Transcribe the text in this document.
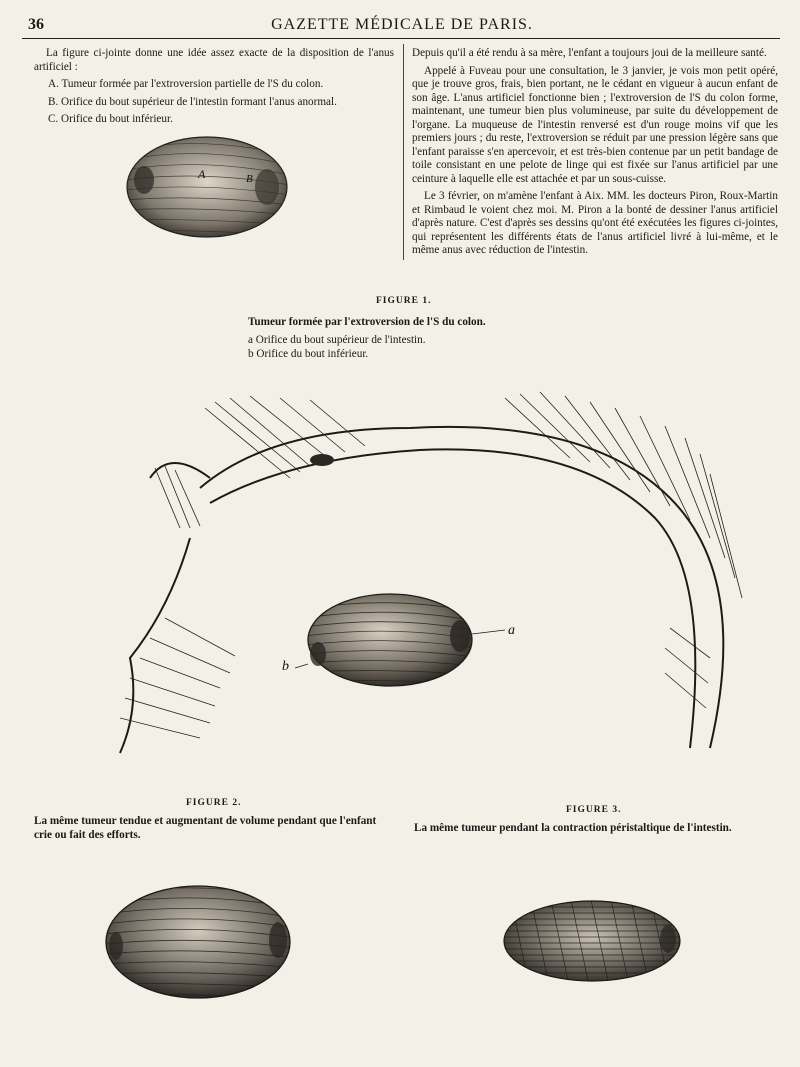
36	GAZETTE MÉDICALE DE PARIS.

La figure ci-jointe donne une idée assez exacte de la disposition de l'anus artificiel :

A. Tumeur formée par l'extroversion partielle de l'S du colon.

B. Orifice du bout supérieur de l'intestin formant l'anus anormal.

C. Orifice du bout inférieur.

A	B

Depuis qu'il a été rendu à sa mère, l'enfant a toujours joui de la meilleure santé.

Appelé à Fuveau pour une consultation, le 3 janvier, je vois mon petit opéré, que je trouve gros, frais, bien portant, ne le cédant en vigueur à aucun enfant de son âge. L'anus artificiel fonctionne bien ; l'extroversion de l'S du colon forme, maintenant, une tumeur bien plus volumineuse, par suite du développement de l'organe. La muqueuse de l'intestin renversé est d'un rouge moins vif que les premiers jours ; du reste, l'extroversion se réduit par une pression légère sans que l'enfant paraisse s'en apercevoir, et est très-bien contenue par un petit bandage de toile consistant en une pelote de linge qui est fixée sur l'anus artificiel par une ceinture à laquelle elle est attachée et par un sous-cuisse.

Le 3 février, on m'amène l'enfant à Aix. MM. les docteurs Piron, Roux-Martin et Rimbaud le voient chez moi. M. Piron a la bonté de dessiner l'anus artificiel d'après nature. C'est d'après ses dessins qu'ont été exécutées les figures ci-jointes, qui représentent les différents états de l'anus artificiel livré à lui-même, et le même anus avec réduction de l'intestin.

FIGURE 1.
Tumeur formée par l'extroversion de l'S du colon.
a Orifice du bout supérieur de l'intestin.
b Orifice du bout inférieur.
a
b
FIGURE 2.
La même tumeur tendue et augmentant de volume pendant que l'enfant crie ou fait des efforts.
FIGURE 3.
La même tumeur pendant la contraction péristaltique de l'intestin.
